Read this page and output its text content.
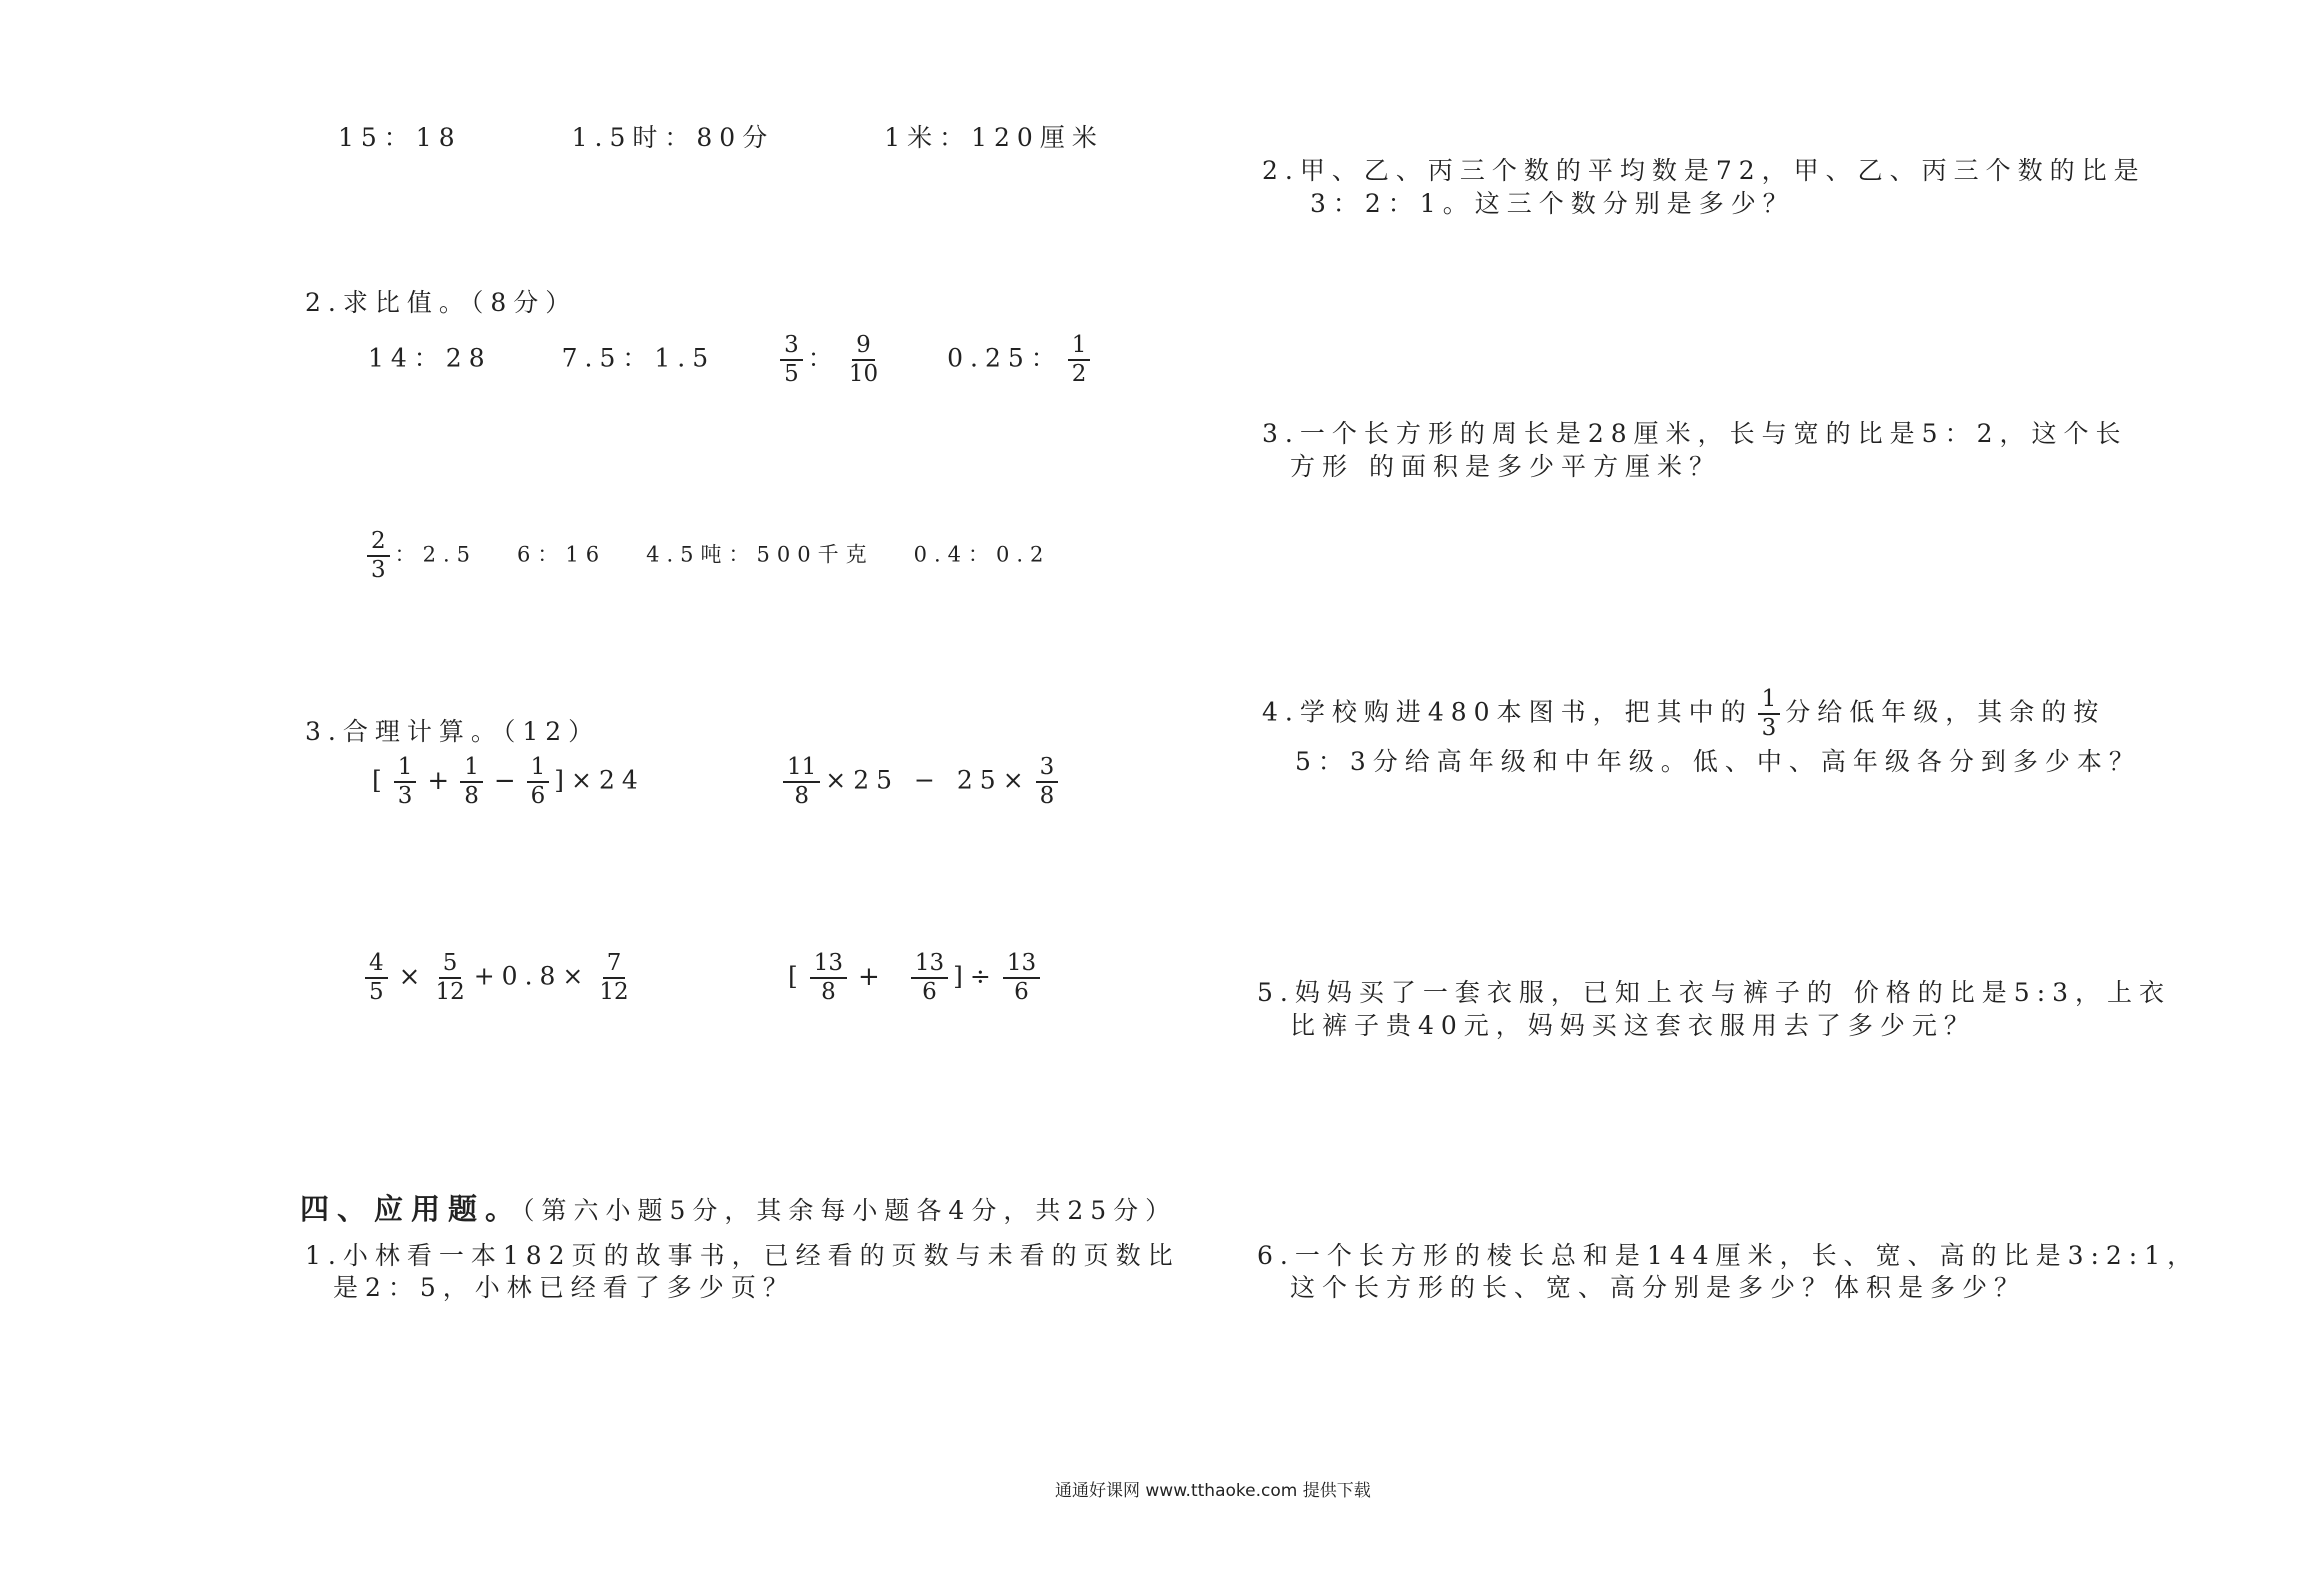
15：18	1.5时：80分	1米：120厘米
2.求比值。（8分）
14：28	7.5：1.5	$\frac{3}{5}$ ： $\frac{9}{10}$	0.25： $\frac{1}{2}$
$\frac{2}{3}$ ：2.5 6：16 4.5吨：500千克 0.4：0.2
3.合理计算。（12）
[ $\frac{1}{3} + \frac{1}{8} - \frac{1}{6} ]\times 24$	$\frac{11}{8} \times 25 - 25\times \frac{3}{8}$
$\frac{4}{5} \times \frac{5}{12} +0.8\times \frac{7}{12}$	[ $\frac{13}{8} + \frac{13}{6}$ ]÷ $\frac{13}{6}$
四、应用题。（第六小题5分，其余每小题各4分，共25分）
1.小林看一本182页的故事书，已经看的页数与未看的页数比
是2：5，小林已经看了多少页？
2.甲、乙、丙三个数的平均数是72，甲、乙、丙三个数的比是
3：2：1。这三个数分别是多少？
3.一个长方形的周长是28厘米，长与宽的比是5：2，这个长
方形 的面积是多少平方厘米？
4.学校购进480本图书，把其中的 $\frac{1}{3}$ 分给低年级，其余的按
5：3分给高年级和中年级。低、中、高年级各分到多少本？
5.妈妈买了一套衣服，已知上衣与裤子的 价格的比是5:3，上衣
比裤子贵40元，妈妈买这套衣服用去了多少元？
6.一个长方形的棱长总和是144厘米，长、宽、高的比是3:2:1，
这个长方形的长、宽、高分别是多少？体积是多少？
通通好课网 www.tthaoke.com 提供下载
